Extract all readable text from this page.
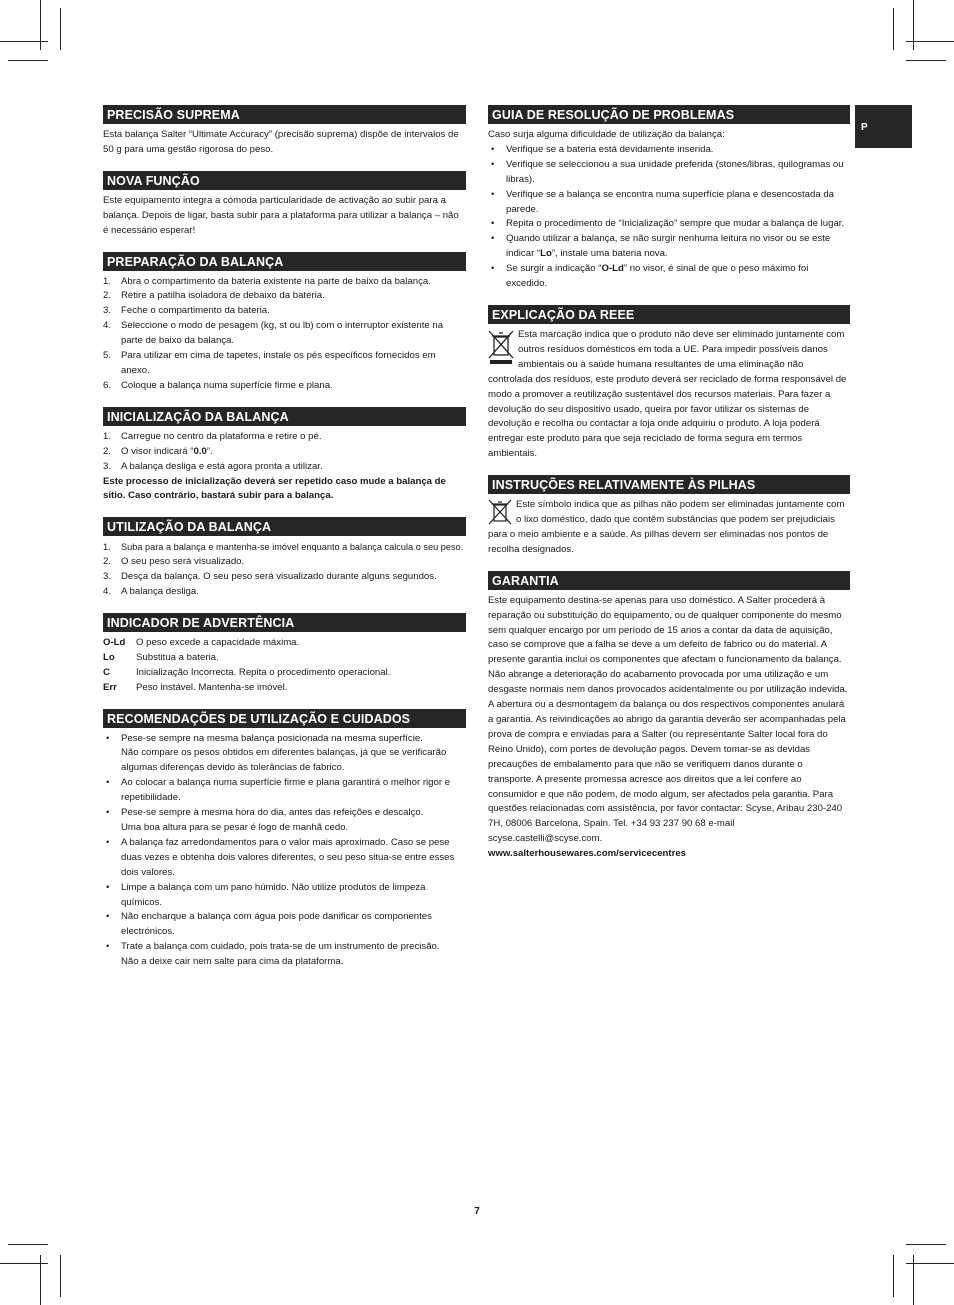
P
PRECISÃO SUPREMA

Esta balança Salter “Ultimate Accuracy” (precisão suprema) dispõe de intervalos de 50 g para uma gestão rigorosa do peso.

NOVA FUNÇÃO

Este equipamento integra a cómoda particularidade de activação ao subir para a balança. Depois de ligar, basta subir para a plataforma para utilizar a balança – não é necessário esperar!

PREPARAÇÃO DA BALANÇA
1.	Abra o compartimento da bateria existente na parte de baixo da balança.
2.	Retire a patilha isoladora de debaixo da bateria.
3.	Feche o compartimento da bateria.
4.	Seleccione o modo de pesagem (kg, st ou lb) com o interruptor existente na parte de baixo da balança.
5.	Para utilizar em cima de tapetes, instale os pés específicos fornecidos em anexo.
6.	Coloque a balança numa superfície firme e plana.
INICIALIZAÇÃO DA BALANÇA
1.	Carregue no centro da plataforma e retire o pé.
2.	O visor indicará “0.0”.
3.	A balança desliga e está agora pronta a utilizar.

Este processo de inicialização deverá ser repetido caso mude a balança de sítio. Caso contrário, bastará subir para a balança.

UTILIZAÇÃO DA BALANÇA
1.	Suba para a balança e mantenha-se imóvel enquanto a balança calcula o seu peso.
2.	O seu peso será visualizado.
3.	Desça da balança. O seu peso será visualizado durante alguns segundos.
4.	A balança desliga.
INDICADOR DE ADVERTÊNCIA
O-Ld	O peso excede a capacidade máxima.
Lo	Substitua a bateria.
C	Inicialização Incorrecta. Repita o procedimento operacional.
Err	Peso instável. Mantenha-se imóvel.
RECOMENDAÇÕES DE UTILIZAÇÃO E CUIDADOS
•	Pese-se sempre na mesma balança posicionada na mesma superfície.
Não compare os pesos obtidos em diferentes balanças, já que se verificarão algumas diferenças devido às tolerâncias de fabrico.
•	Ao colocar a balança numa superfície firme e plana garantirá o melhor rigor e repetibilidade.
•	Pese-se sempre à mesma hora do dia, antes das refeições e descalço.
Uma boa altura para se pesar é logo de manhã cedo.
•	A balança faz arredondamentos para o valor mais aproximado. Caso se pese duas vezes e obtenha dois valores diferentes, o seu peso situa-se entre esses dois valores.
•	Limpe a balança com um pano húmido. Não utilize produtos de limpeza químicos.
•	Não encharque a balança com água pois pode danificar os componentes electrónicos.
•	Trate a balança com cuidado, pois trata-se de um instrumento de precisão.
Não a deixe cair nem salte para cima da plataforma.
GUIA DE RESOLUÇÃO DE PROBLEMAS

Caso surja alguma dificuldade de utilização da balança:

•	Verifique se a bateria está devidamente inserida.
•	Verifique se seleccionou a sua unidade preferida (stones/libras, quilogramas ou libras).
•	Verifique se a balança se encontra numa superfície plana e desencostada da parede.
•	Repita o procedimento de “Inicialização” sempre que mudar a balança de lugar.
•	Quando utilizar a balança, se não surgir nenhuma leitura no visor ou se este indicar “Lo”, instale uma bateria nova.
•	Se surgir a indicação “O-Ld” no visor, é sinal de que o peso máximo foi excedido.
EXPLICAÇÃO DA REEE
Esta marcação indica que o produto não deve ser eliminado juntamente com outros resíduos domésticos em toda a UE. Para impedir possíveis danos ambientais ou à saúde humana resultantes de uma eliminação não controlada dos resíduos, este produto deverá ser reciclado de forma responsável de modo a promover a reutilização sustentável dos recursos materiais. Para fazer a devolução do seu dispositivo usado, queira por favor utilizar os sistemas de devolução e recolha ou contactar a loja onde adquiriu o produto. A loja poderá entregar este produto para que seja reciclado de forma segura em termos ambientais.
INSTRUÇÕES RELATIVAMENTE ÀS PILHAS
Este símbolo indica que as pilhas não podem ser eliminadas juntamente com o lixo doméstico, dado que contêm substâncias que podem ser prejudiciais para o meio ambiente e a saúde. As pilhas devem ser eliminadas nos pontos de recolha designados.
GARANTIA

Este equipamento destina-se apenas para uso doméstico. A Salter procederá à reparação ou substituição do equipamento, ou de qualquer componente do mesmo sem qualquer encargo por um período de 15 anos a contar da data de aquisição, caso se comprove que a falha se deve a um defeito de fabrico ou do material. A presente garantia inclui os componentes que afectam o funcionamento da balança. Não abrange a deterioração do acabamento provocada por uma utilização e um desgaste normais nem danos provocados acidentalmente ou por utilização indevida. A abertura ou a desmontagem da balança ou dos respectivos componentes anulará a garantia. As reivindicações ao abrigo da garantia deverão ser acompanhadas pela prova de compra e enviadas para a Salter (ou representante Salter local fora do Reino Unido), com portes de devolução pagos. Devem tomar-se as devidas precauções de embalamento para que não se verifiquem danos durante o transporte. A presente promessa acresce aos direitos que a lei confere ao consumidor e que não podem, de modo algum, ser afectados pela garantia. Para questões relacionadas com assistência, por favor contactar: Scyse, Aribau 230-240 7H, 08006 Barcelona, Spain. Tel. +34 93 237 90 68 e-mail scyse.castelli@scyse.com.

www.salterhousewares.com/servicecentres

7
